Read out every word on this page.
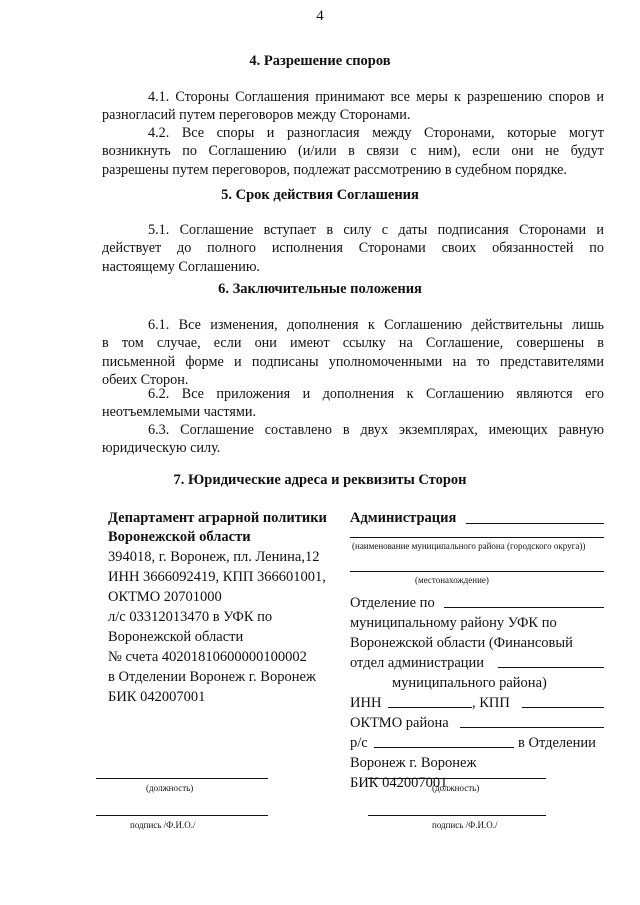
4
4. Разрешение споров
4.1. Стороны Соглашения принимают все меры к разрешению споров и
разногласий путем переговоров между Сторонами.
4.2. Все споры и разногласия между Сторонами, которые могут
возникнуть по Соглашению (и/или в связи с ним), если они не будут
разрешены путем переговоров, подлежат рассмотрению в судебном порядке.
5. Срок действия Соглашения
5.1. Соглашение вступает в силу с даты подписания Сторонами и
действует до полного исполнения Сторонами своих обязанностей по
настоящему Соглашению.
6. Заключительные положения
6.1. Все изменения, дополнения к Соглашению действительны лишь
в том случае, если они имеют ссылку на Соглашение, совершены в
письменной форме и подписаны уполномоченными на то представителями
обеих Сторон.
6.2. Все приложения и дополнения к Соглашению являются его
неотъемлемыми частями.
6.3. Соглашение составлено в двух экземплярах, имеющих равную
юридическую силу.
7. Юридические адреса и реквизиты Сторон
Департамент аграрной политики
Воронежской области
394018, г. Воронеж, пл. Ленина,12
ИНН 3666092419, КПП 366601001,
ОКТМО 20701000
л/с 03312013470 в УФК по
Воронежской области
№ счета 40201810600000100002
в Отделении Воронеж г. Воронеж
БИК 042007001
Администрация
(наименование муниципального района (городского округа))
(местонахождение)
Отделение по
муниципальному району УФК по
Воронежской области (Финансовый
отдел администрации
муниципального района)
ИНН	, КПП
ОКТМО района
р/с	в Отделении
Воронеж г. Воронеж
БИК 042007001
(должность)
подпись /Ф.И.О./
(должность)
подпись /Ф.И.О./
